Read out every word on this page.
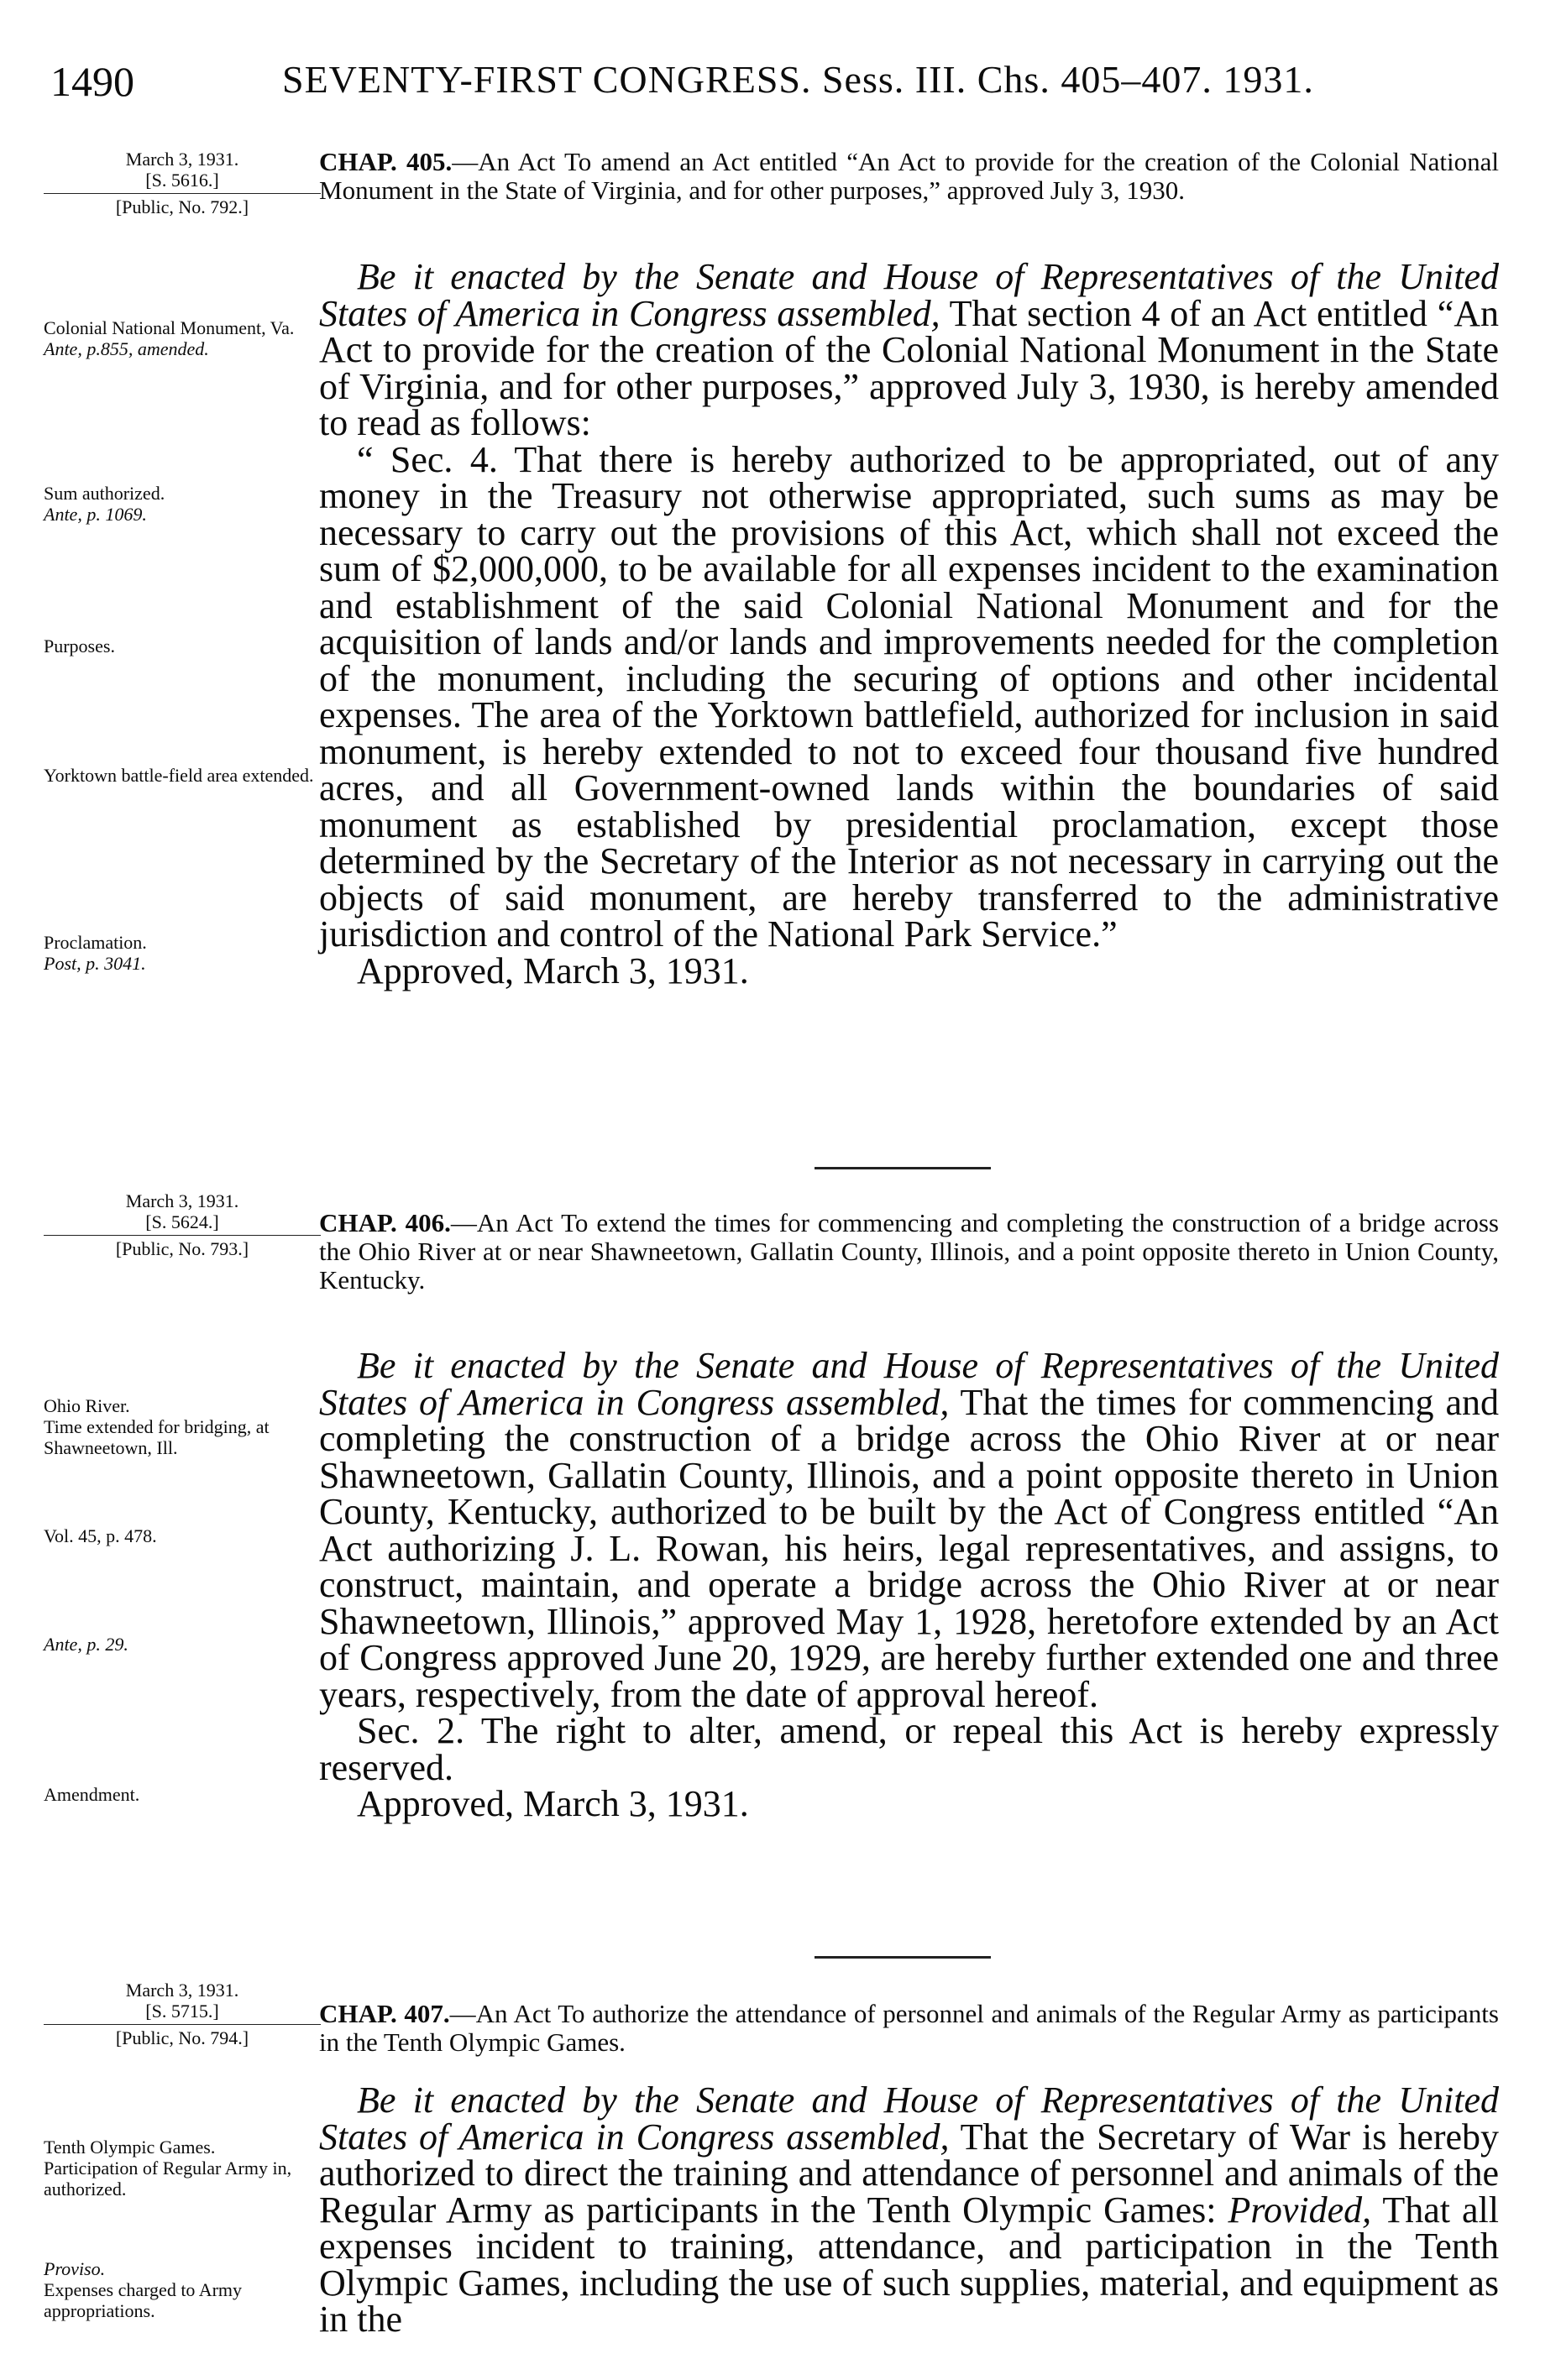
1490	SEVENTY-FIRST CONGRESS. Sess. III. Chs. 405–407. 1931.
March 3, 1931.
[S. 5616.]
[Public, No. 792.]
CHAP. 405.—An Act To amend an Act entitled “An Act to provide for the creation of the Colonial National Monument in the State of Virginia, and for other purposes,” approved July 3, 1930.

Be it enacted by the Senate and House of Representatives of the United States of America in Congress assembled, That section 4 of an Act entitled “An Act to provide for the creation of the Colonial National Monument in the State of Virginia, and for other purposes,” approved July 3, 1930, is hereby amended to read as follows:

“ Sec. 4. That there is hereby authorized to be appropriated, out of any money in the Treasury not otherwise appropriated, such sums as may be necessary to carry out the provisions of this Act, which shall not exceed the sum of $2,000,000, to be available for all expenses incident to the examination and establishment of the said Colonial National Monument and for the acquisition of lands and/or lands and improvements needed for the completion of the monument, including the securing of options and other incidental expenses. The area of the Yorktown battlefield, authorized for inclusion in said monument, is hereby extended to not to exceed four thousand five hundred acres, and all Government-owned lands within the boundaries of said monument as established by presidential proclamation, except those determined by the Secretary of the Interior as not necessary in carrying out the objects of said monument, are hereby transferred to the administrative jurisdiction and control of the National Park Service.”

Approved, March 3, 1931.

Colonial National Monument, Va.
Ante, p.855, amended.
Sum authorized.
Ante, p. 1069.
Purposes.
Yorktown battle-field area extended.
Proclamation.
Post, p. 3041.
March 3, 1931.
[S. 5624.]
[Public, No. 793.]
CHAP. 406.—An Act To extend the times for commencing and completing the construction of a bridge across the Ohio River at or near Shawneetown, Gallatin County, Illinois, and a point opposite thereto in Union County, Kentucky.

Be it enacted by the Senate and House of Representatives of the United States of America in Congress assembled, That the times for commencing and completing the construction of a bridge across the Ohio River at or near Shawneetown, Gallatin County, Illinois, and a point opposite thereto in Union County, Kentucky, authorized to be built by the Act of Congress entitled “An Act authorizing J. L. Rowan, his heirs, legal representatives, and assigns, to construct, maintain, and operate a bridge across the Ohio River at or near Shawneetown, Illinois,” approved May 1, 1928, heretofore extended by an Act of Congress approved June 20, 1929, are hereby further extended one and three years, respectively, from the date of approval hereof.

Sec. 2. The right to alter, amend, or repeal this Act is hereby expressly reserved.

Approved, March 3, 1931.

Ohio River.
Time extended for bridging, at Shawneetown, Ill.
Vol. 45, p. 478.
Ante, p. 29.
Amendment.
March 3, 1931.
[S. 5715.]
[Public, No. 794.]
CHAP. 407.—An Act To authorize the attendance of personnel and animals of the Regular Army as participants in the Tenth Olympic Games.

Be it enacted by the Senate and House of Representatives of the United States of America in Congress assembled, That the Secretary of War is hereby authorized to direct the training and attendance of personnel and animals of the Regular Army as participants in the Tenth Olympic Games: Provided, That all expenses incident to training, attendance, and participation in the Tenth Olympic Games, including the use of such supplies, material, and equipment as in the

Tenth Olympic Games.
Participation of Regular Army in, authorized.
Proviso.
Expenses charged to Army appropriations.
